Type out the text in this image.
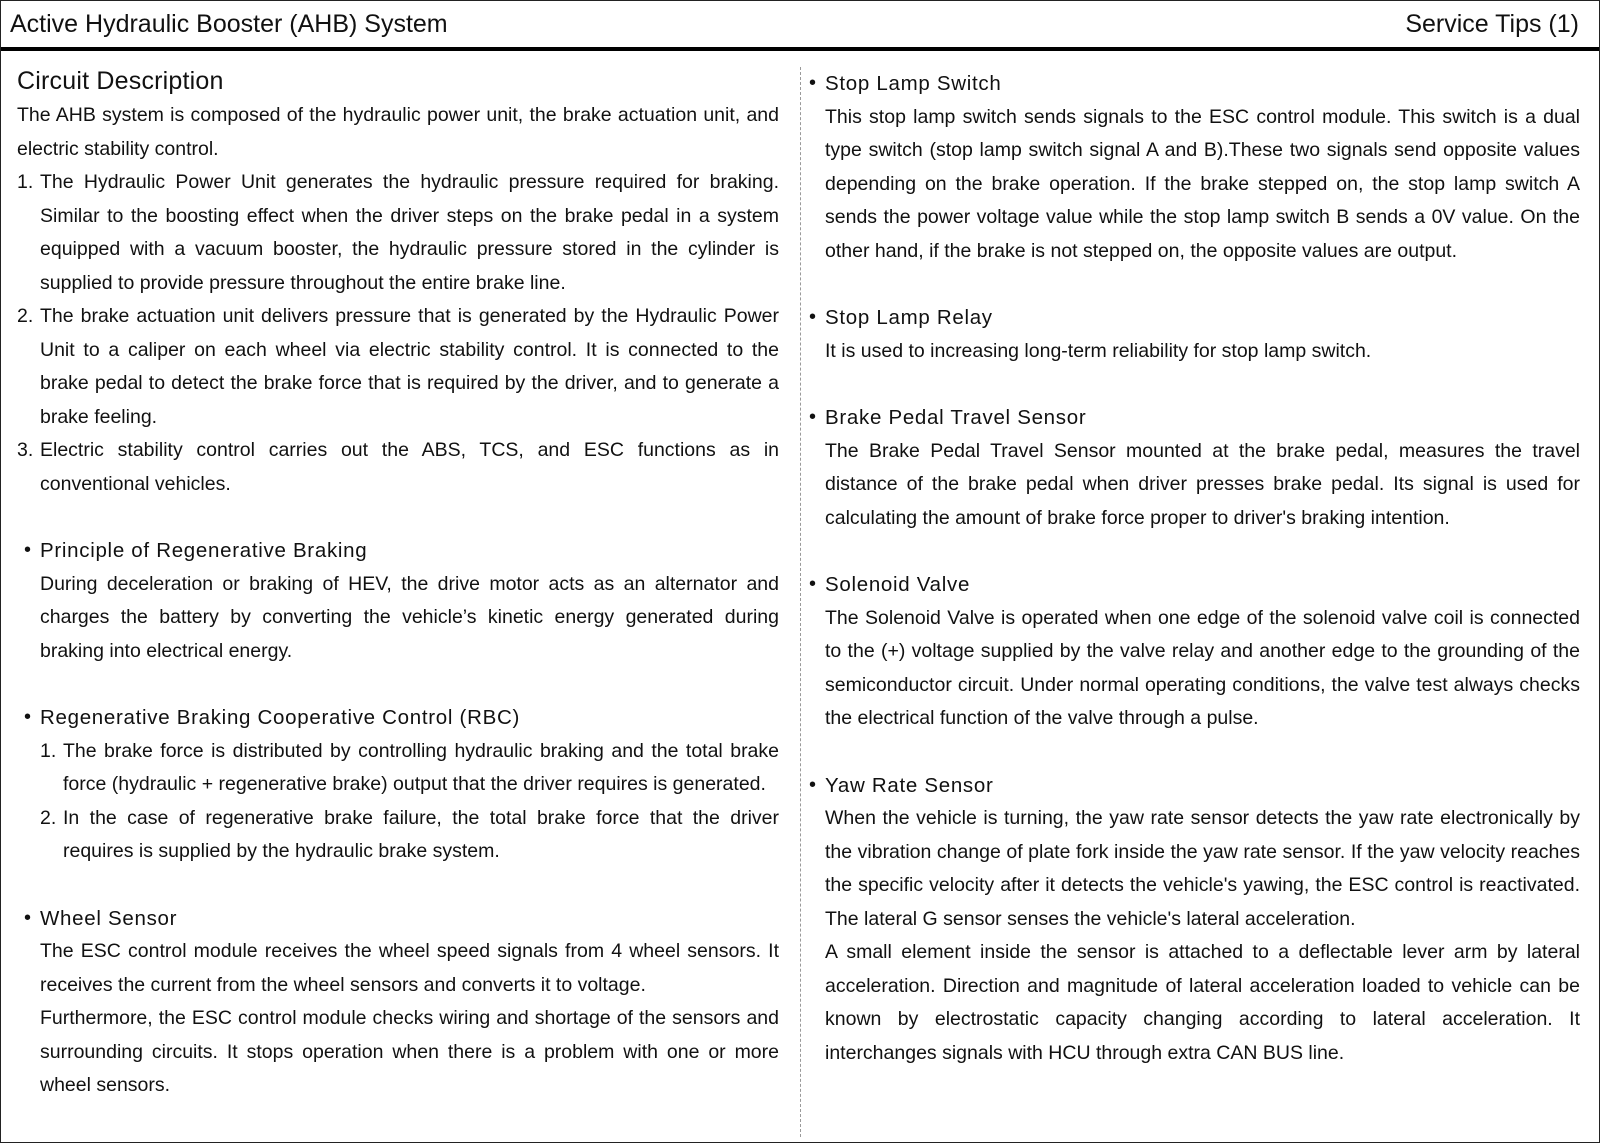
Active Hydraulic Booster (AHB) System	Service Tips (1)
Circuit Description
The AHB system is composed of the hydraulic power unit, the brake actuation unit, and electric stability control.
1. The Hydraulic Power Unit generates the hydraulic pressure required for braking. Similar to the boosting effect when the driver steps on the brake pedal in a system equipped with a vacuum booster, the hydraulic pressure stored in the cylinder is supplied to provide pressure throughout the entire brake line.
2. The brake actuation unit delivers pressure that is generated by the Hydraulic Power Unit to a caliper on each wheel via electric stability control. It is connected to the brake pedal to detect the brake force that is required by the driver, and to generate a brake feeling.
3. Electric stability control carries out the ABS, TCS, and ESC functions as in conventional vehicles.
• Principle of Regenerative Braking
During deceleration or braking of HEV, the drive motor acts as an alternator and charges the battery by converting the vehicle’s kinetic energy generated during braking into electrical energy.
• Regenerative Braking Cooperative Control (RBC)
1. The brake force is distributed by controlling hydraulic braking and the total brake force (hydraulic + regenerative brake) output that the driver requires is generated.
2. In the case of regenerative brake failure, the total brake force that the driver requires is supplied by the hydraulic brake system.
• Wheel Sensor
The ESC control module receives the wheel speed signals from 4 wheel sensors. It receives the current from the wheel sensors and converts it to voltage.
Furthermore, the ESC control module checks wiring and shortage of the sensors and surrounding circuits. It stops operation when there is a problem with one or more wheel sensors.
• Stop Lamp Switch
This stop lamp switch sends signals to the ESC control module. This switch is a dual type switch (stop lamp switch signal A and B).These two signals send opposite values depending on the brake operation. If the brake stepped on, the stop lamp switch A sends the power voltage value while the stop lamp switch B sends a 0V value. On the other hand, if the brake is not stepped on, the opposite values are output.
• Stop Lamp Relay
It is used to increasing long-term reliability for stop lamp switch.
• Brake Pedal Travel Sensor
The Brake Pedal Travel Sensor mounted at the brake pedal, measures the travel distance of the brake pedal when driver presses brake pedal. Its signal is used for calculating the amount of brake force proper to driver's braking intention.
• Solenoid Valve
The Solenoid Valve is operated when one edge of the solenoid valve coil is connected to the (+) voltage supplied by the valve relay and another edge to the grounding of the semiconductor circuit. Under normal operating conditions, the valve test always checks the electrical function of the valve through a pulse.
• Yaw Rate Sensor
When the vehicle is turning, the yaw rate sensor detects the yaw rate electronically by the vibration change of plate fork inside the yaw rate sensor. If the yaw velocity reaches the specific velocity after it detects the vehicle's yawing, the ESC control is reactivated. The lateral G sensor senses the vehicle's lateral acceleration.
A small element inside the sensor is attached to a deflectable lever arm by lateral acceleration. Direction and magnitude of lateral acceleration loaded to vehicle can be known by electrostatic capacity changing according to lateral acceleration. It interchanges signals with HCU through extra CAN BUS line.
